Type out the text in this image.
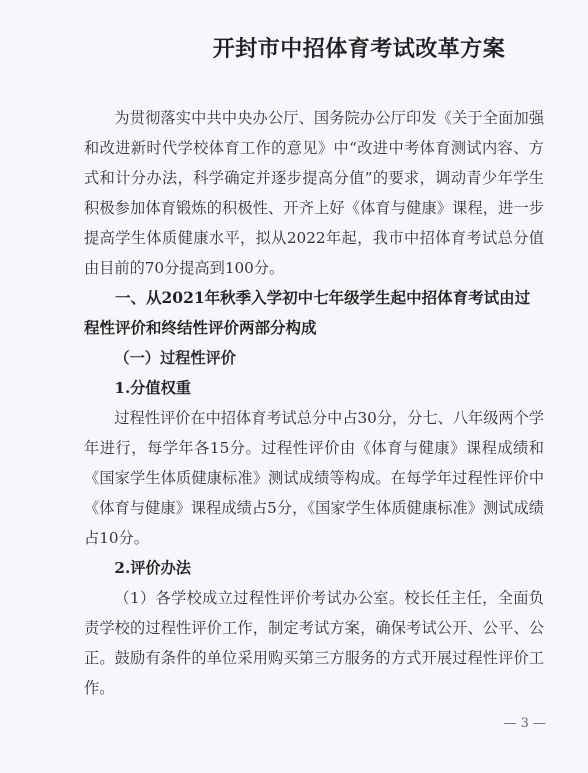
开封市中招体育考试改革方案

为贯彻落实中共中央办公厅、国务院办公厅印发《关于全面加强和改进新时代学校体育工作的意见》中“改进中考体育测试内容、方式和计分办法，科学确定并逐步提高分值”的要求，调动青少年学生积极参加体育锻炼的积极性、开齐上好《体育与健康》课程，进一步提高学生体质健康水平，拟从2022年起，我市中招体育考试总分值由目前的70分提高到100分。

一、从2021年秋季入学初中七年级学生起中招体育考试由过程性评价和终结性评价两部分构成

（一）过程性评价

1.分值权重

过程性评价在中招体育考试总分中占30分，分七、八年级两个学年进行，每学年各15分。过程性评价由《体育与健康》课程成绩和《国家学生体质健康标准》测试成绩等构成。在每学年过程性评价中《体育与健康》课程成绩占5分，《国家学生体质健康标准》测试成绩占10分。

2.评价办法

（1）各学校成立过程性评价考试办公室。校长任主任，全面负责学校的过程性评价工作，制定考试方案，确保考试公开、公平、公正。鼓励有条件的单位采用购买第三方服务的方式开展过程性评价工作。

— 3 —
